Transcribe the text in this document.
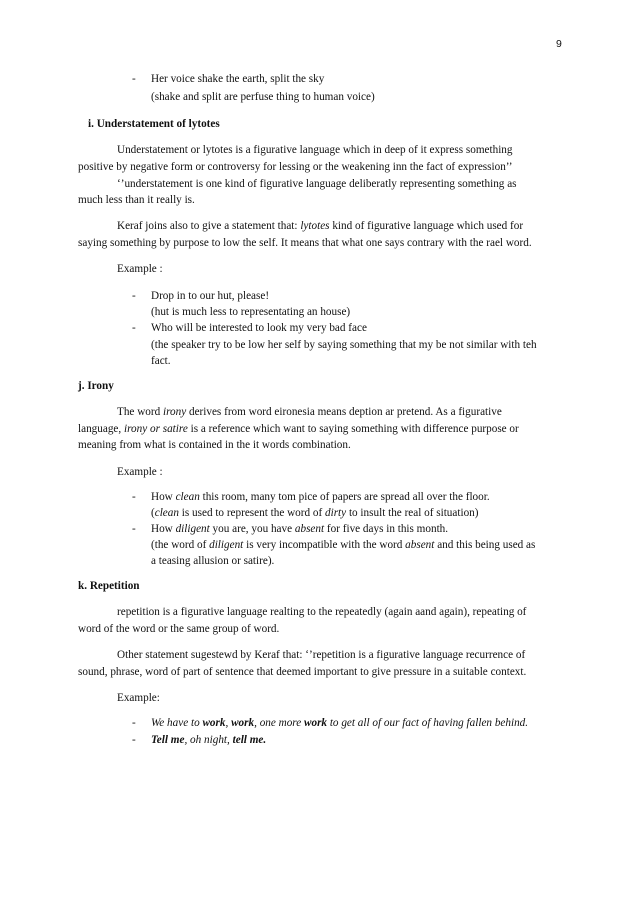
9
- Her voice shake the earth, split the sky
(shake and split are perfuse thing to human voice)
i. Understatement of lytotes
Understatement or lytotes is a figurative language which in deep of it express something
positive by negative form or controversy for lessing or the weakening inn the fact of expression’’
‘’understatement is one kind of figurative language deliberatly representing something as
much less than it really is.
Keraf joins also to give a statement that: lytotes kind of figurative language which used for
saying something by purpose to low the self. It means that what one says contrary with the rael word.
Example :
- Drop in to our hut, please!
(hut is much less to representating an house)
- Who will be interested to look my very bad face
(the speaker try to be low her self by saying something that my be not similar with teh
fact.
j. Irony
The word irony derives from word eironesia means deption ar pretend. As a figurative
language, irony or satire is a reference which want to saying something with difference purpose or
meaning from what is contained in the it words combination.
Example :
- How clean this room, many tom pice of papers are spread all over the floor.
(clean is used to represent the word of dirty to insult the real of situation)
- How diligent you are, you have absent for five days in this month.
(the word of diligent is very incompatible with the word absent and this being used as
a teasing allusion or satire).
k. Repetition
repetition is a figurative language realting to the repeatedly (again aand again), repeating of
word of the word or the same group of word.
Other statement sugestewd by Keraf that: ‘’repetition is a figurative language recurrence of
sound, phrase, word of part of sentence that deemed important to give pressure in a suitable context.
Example:
- We have to work, work, one more work to get all of our fact of having fallen behind.
- Tell me, oh night, tell me.
